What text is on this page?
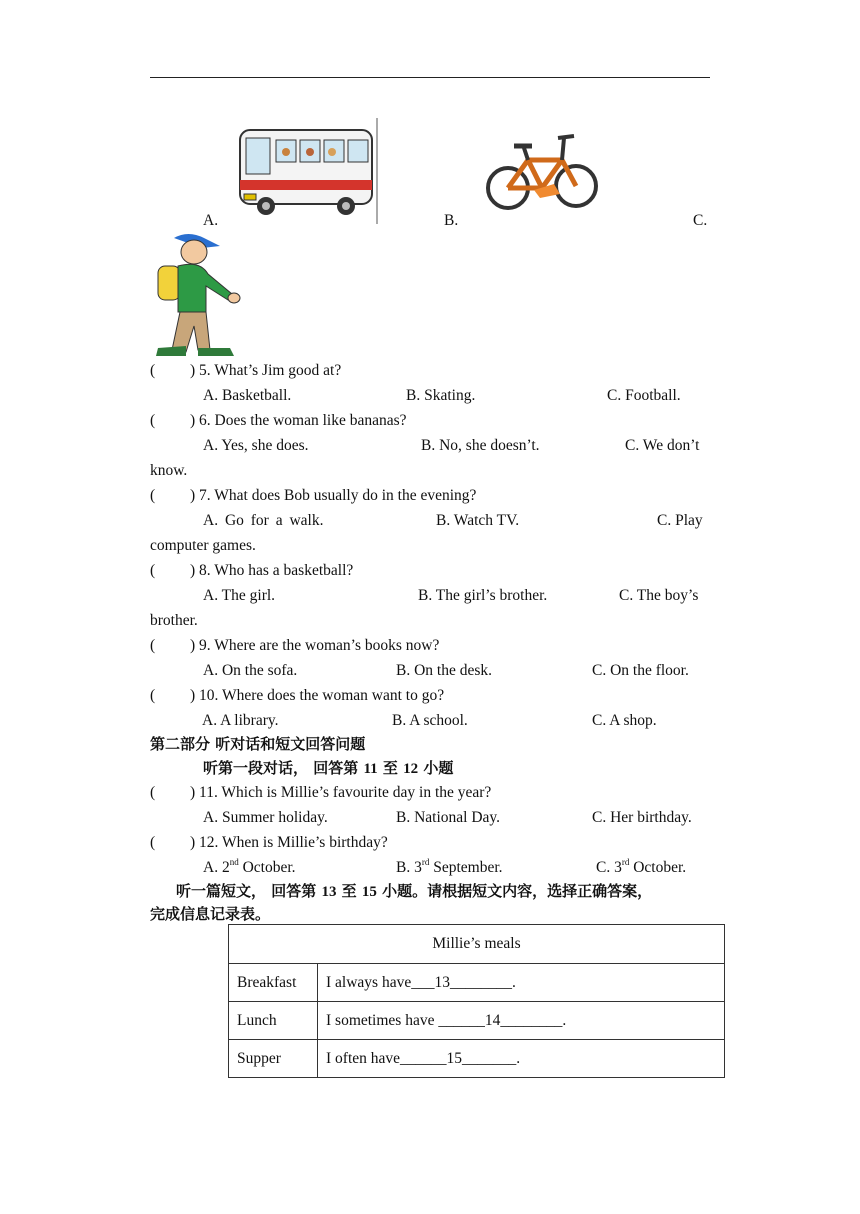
A.	B.	C.
( ) 5. What’s Jim good at?
A. Basketball.	B. Skating.	C. Football.
( ) 6. Does the woman like bananas?
A. Yes, she does.	B. No, she doesn’t.	C. We don’t
know.
( ) 7. What does Bob usually do in the evening?
A. Go for a walk.	B. Watch TV.	C. Play
computer games.
( ) 8. Who has a basketball?
A. The girl.	B. The girl’s brother.	C. The boy’s
brother.
( ) 9. Where are the woman’s books now?
A. On the sofa.	B. On the desk.	C. On the floor.
( ) 10. Where does the woman want to go?
A. A library.	B. A school.	C. A shop.
第二部分 听对话和短文回答问题
听第一段对话， 回答第 11 至 12 小题
( ) 11. Which is Millie’s favourite day in the year?
A. Summer holiday.	B. National Day.	C. Her birthday.
( ) 12. When is Millie’s birthday?
A. 2nd October.	B. 3rd September.	C. 3rd October.
听一篇短文， 回答第 13 至 15 小题。请根据短文内容，选择正确答案，
完成信息记录表。
Millie’s meals	
Breakfast	I always have___13________.
Lunch	I sometimes have ______14________.
Supper	I often have______15_______.
